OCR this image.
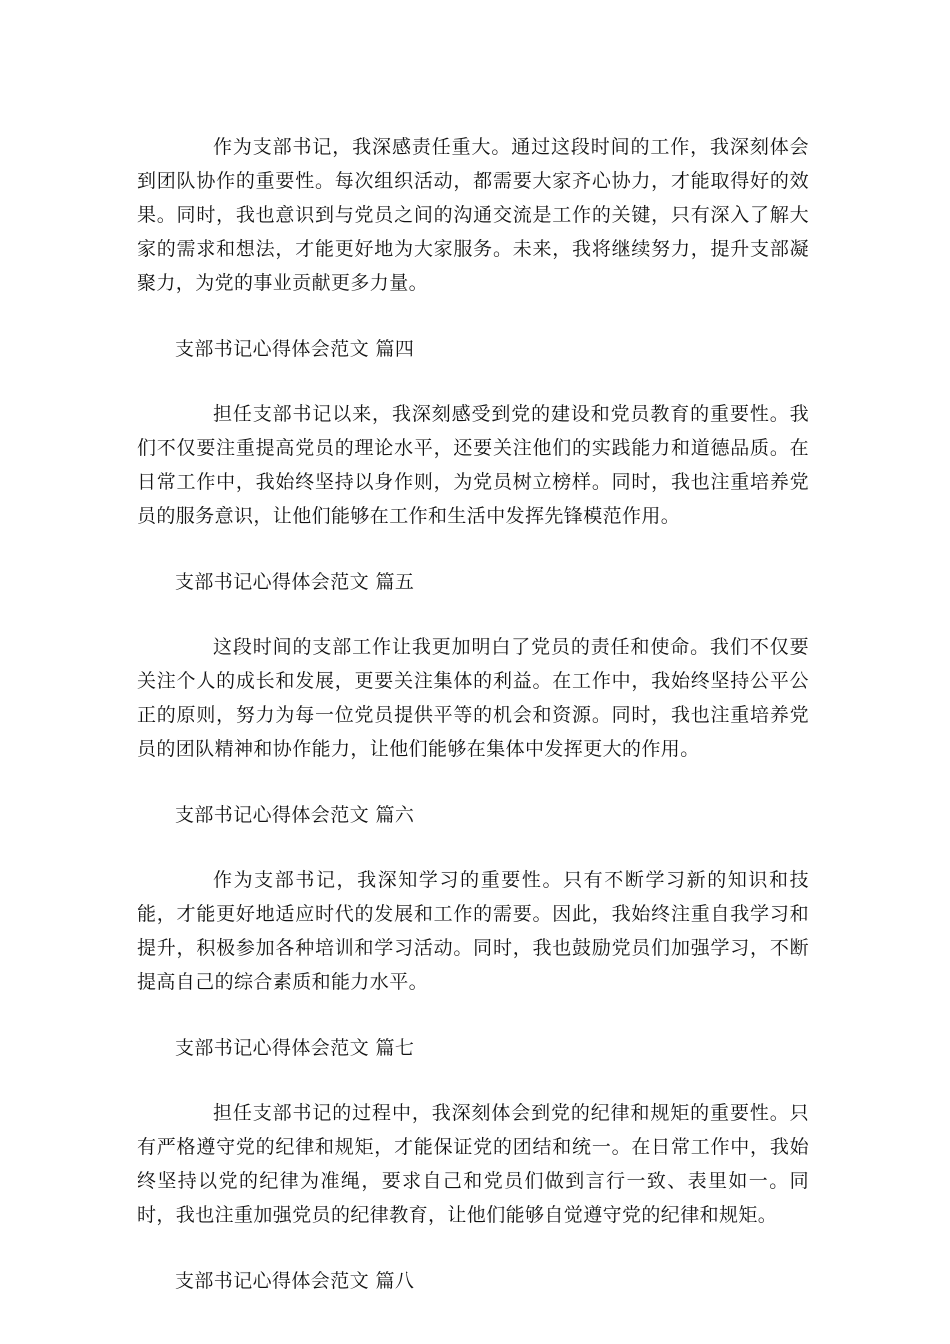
作为支部书记，我深感责任重大。通过这段时间的工作，我深刻体会到团队协作的重要性。每次组织活动，都需要大家齐心协力，才能取得好的效果。同时，我也意识到与党员之间的沟通交流是工作的关键，只有深入了解大家的需求和想法，才能更好地为大家服务。未来，我将继续努力，提升支部凝聚力，为党的事业贡献更多力量。

支部书记心得体会范文 篇四

担任支部书记以来，我深刻感受到党的建设和党员教育的重要性。我们不仅要注重提高党员的理论水平，还要关注他们的实践能力和道德品质。在日常工作中，我始终坚持以身作则，为党员树立榜样。同时，我也注重培养党员的服务意识，让他们能够在工作和生活中发挥先锋模范作用。

支部书记心得体会范文 篇五

这段时间的支部工作让我更加明白了党员的责任和使命。我们不仅要关注个人的成长和发展，更要关注集体的利益。在工作中，我始终坚持公平公正的原则，努力为每一位党员提供平等的机会和资源。同时，我也注重培养党员的团队精神和协作能力，让他们能够在集体中发挥更大的作用。

支部书记心得体会范文 篇六

作为支部书记，我深知学习的重要性。只有不断学习新的知识和技能，才能更好地适应时代的发展和工作的需要。因此，我始终注重自我学习和提升，积极参加各种培训和学习活动。同时，我也鼓励党员们加强学习，不断提高自己的综合素质和能力水平。

支部书记心得体会范文 篇七

担任支部书记的过程中，我深刻体会到党的纪律和规矩的重要性。只有严格遵守党的纪律和规矩，才能保证党的团结和统一。在日常工作中，我始终坚持以党的纪律为准绳，要求自己和党员们做到言行一致、表里如一。同时，我也注重加强党员的纪律教育，让他们能够自觉遵守党的纪律和规矩。

支部书记心得体会范文 篇八
